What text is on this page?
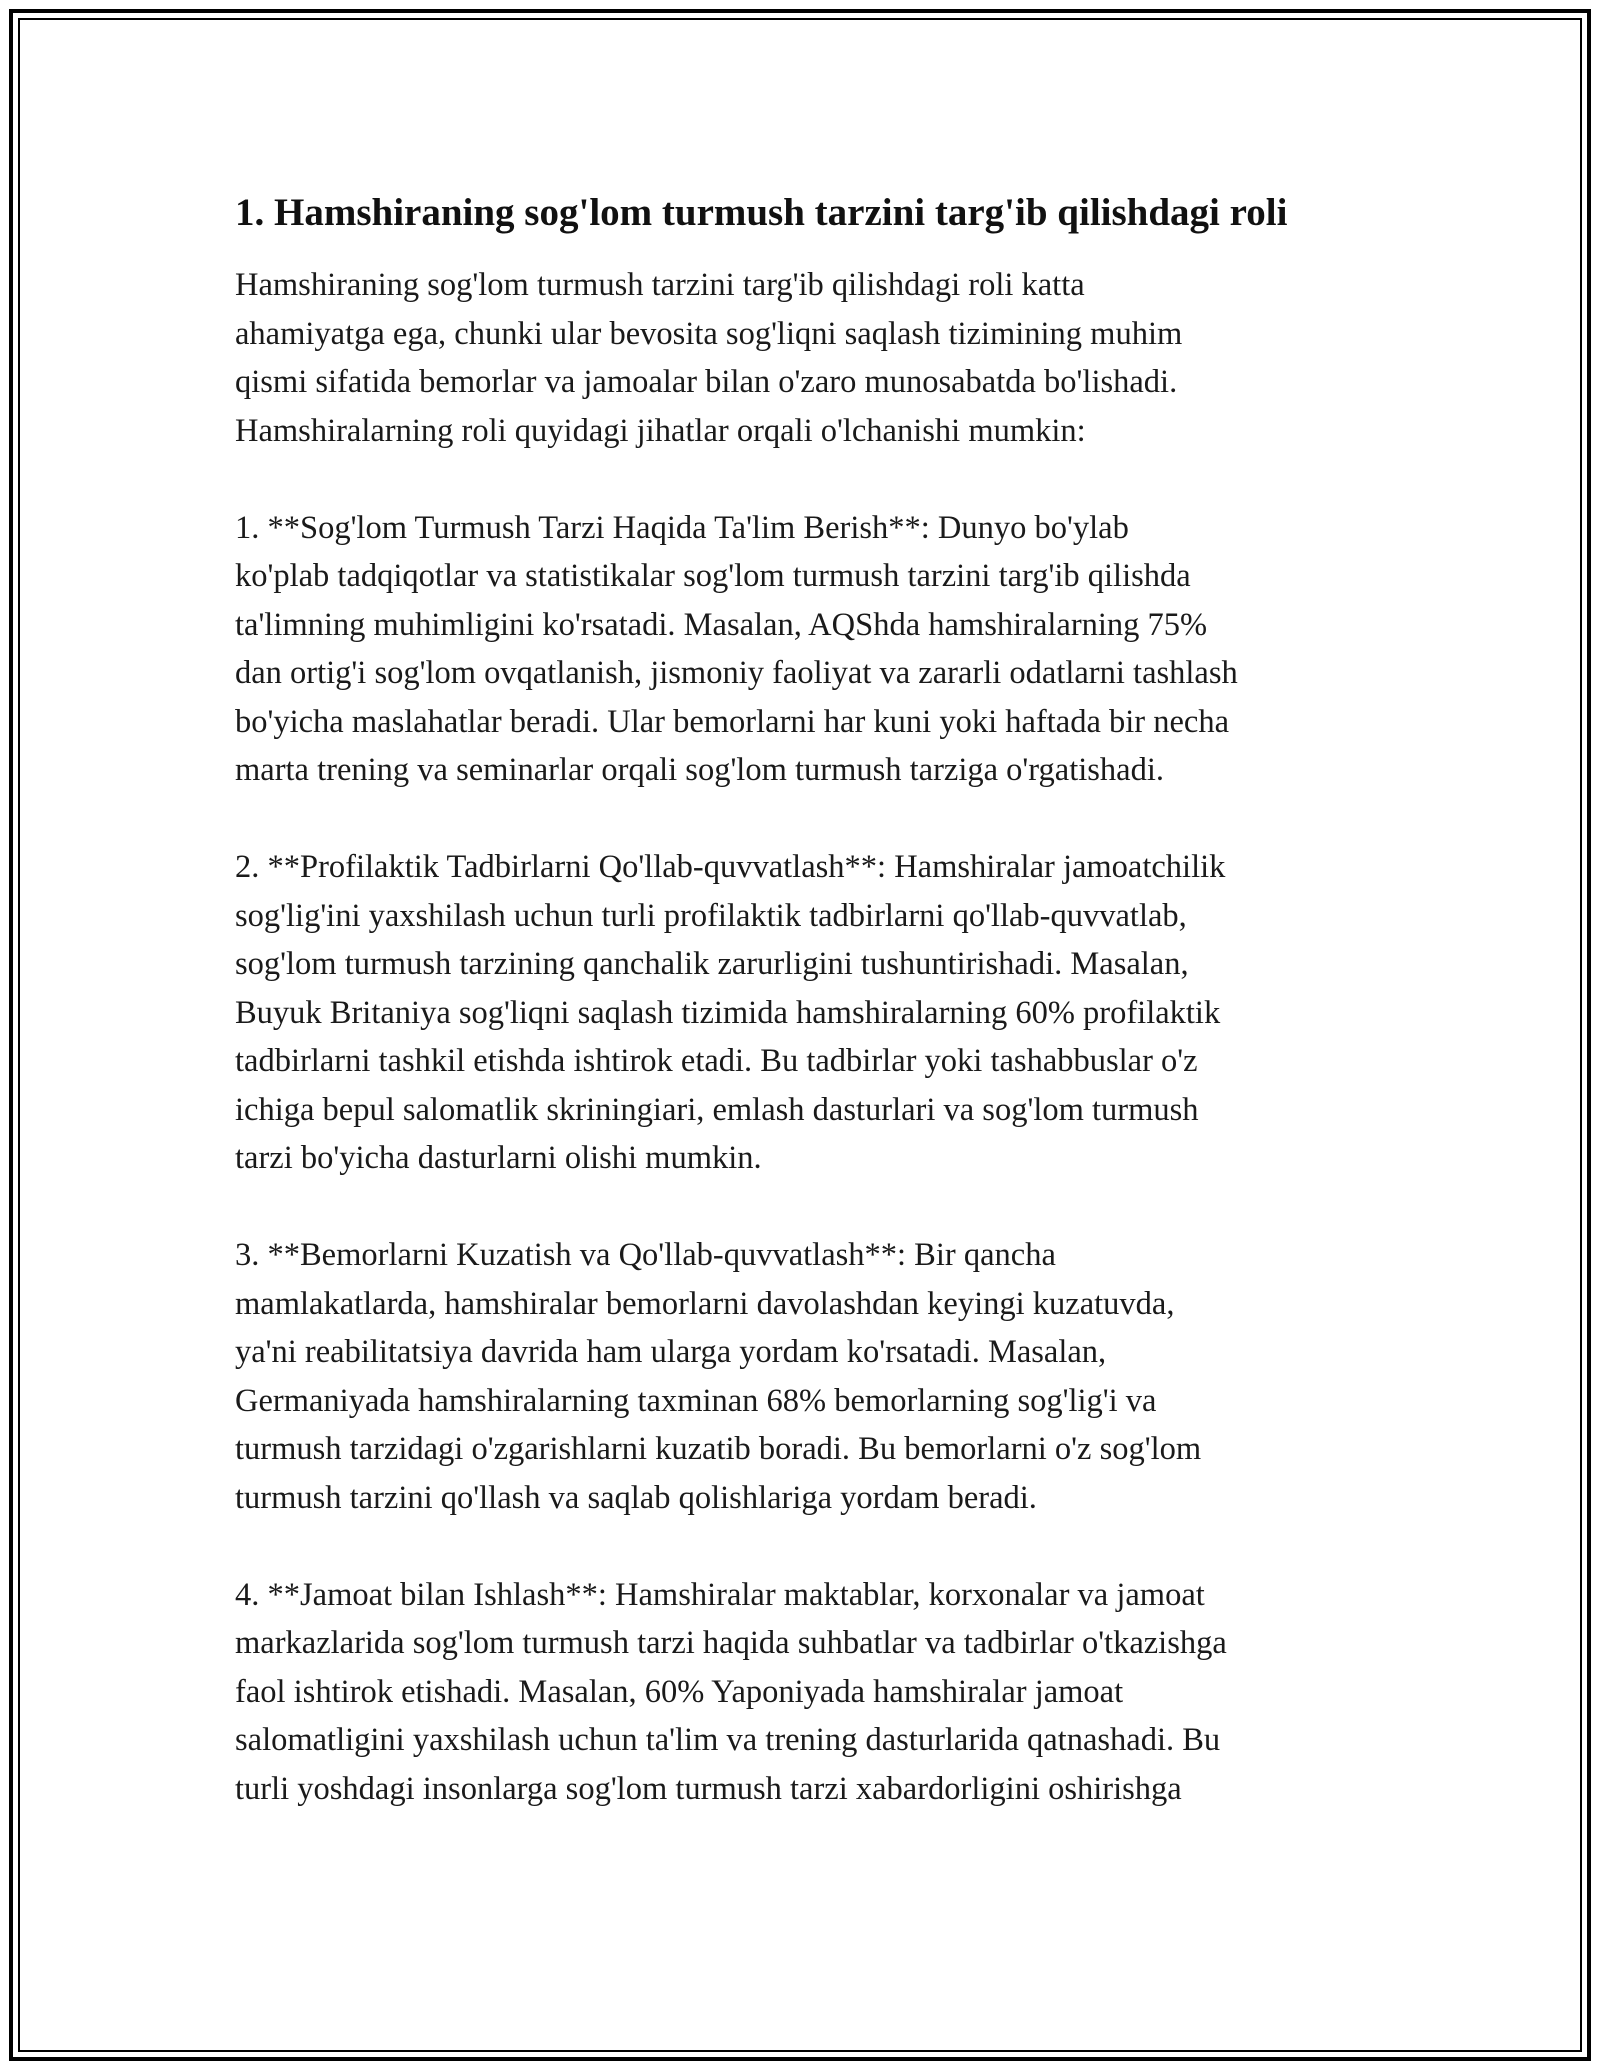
1. Hamshiraning sog'lom turmush tarzini targ'ib qilishdagi roli

Hamshiraning sog'lom turmush tarzini targ'ib qilishdagi roli katta
ahamiyatga ega, chunki ular bevosita sog'liqni saqlash tizimining muhim
qismi sifatida bemorlar va jamoalar bilan o'zaro munosabatda bo'lishadi.
Hamshiralarning roli quyidagi jihatlar orqali o'lchanishi mumkin:

1. **Sog'lom Turmush Tarzi Haqida Ta'lim Berish**: Dunyo bo'ylab
ko'plab tadqiqotlar va statistikalar sog'lom turmush tarzini targ'ib qilishda
ta'limning muhimligini ko'rsatadi. Masalan, AQShda hamshiralarning 75%
dan ortig'i sog'lom ovqatlanish, jismoniy faoliyat va zararli odatlarni tashlash
bo'yicha maslahatlar beradi. Ular bemorlarni har kuni yoki haftada bir necha
marta trening va seminarlar orqali sog'lom turmush tarziga o'rgatishadi.

2. **Profilaktik Tadbirlarni Qo'llab-quvvatlash**: Hamshiralar jamoatchilik
sog'lig'ini yaxshilash uchun turli profilaktik tadbirlarni qo'llab-quvvatlab,
sog'lom turmush tarzining qanchalik zarurligini tushuntirishadi. Masalan,
Buyuk Britaniya sog'liqni saqlash tizimida hamshiralarning 60% profilaktik
tadbirlarni tashkil etishda ishtirok etadi. Bu tadbirlar yoki tashabbuslar o'z
ichiga bepul salomatlik skriningiari, emlash dasturlari va sog'lom turmush
tarzi bo'yicha dasturlarni olishi mumkin.

3. **Bemorlarni Kuzatish va Qo'llab-quvvatlash**: Bir qancha
mamlakatlarda, hamshiralar bemorlarni davolashdan keyingi kuzatuvda,
ya'ni reabilitatsiya davrida ham ularga yordam ko'rsatadi. Masalan,
Germaniyada hamshiralarning taxminan 68% bemorlarning sog'lig'i va
turmush tarzidagi o'zgarishlarni kuzatib boradi. Bu bemorlarni o'z sog'lom
turmush tarzini qo'llash va saqlab qolishlariga yordam beradi.

4. **Jamoat bilan Ishlash**: Hamshiralar maktablar, korxonalar va jamoat
markazlarida sog'lom turmush tarzi haqida suhbatlar va tadbirlar o'tkazishga
faol ishtirok etishadi. Masalan, 60% Yaponiyada hamshiralar jamoat
salomatligini yaxshilash uchun ta'lim va trening dasturlarida qatnashadi. Bu
turli yoshdagi insonlarga sog'lom turmush tarzi xabardorligini oshirishga
